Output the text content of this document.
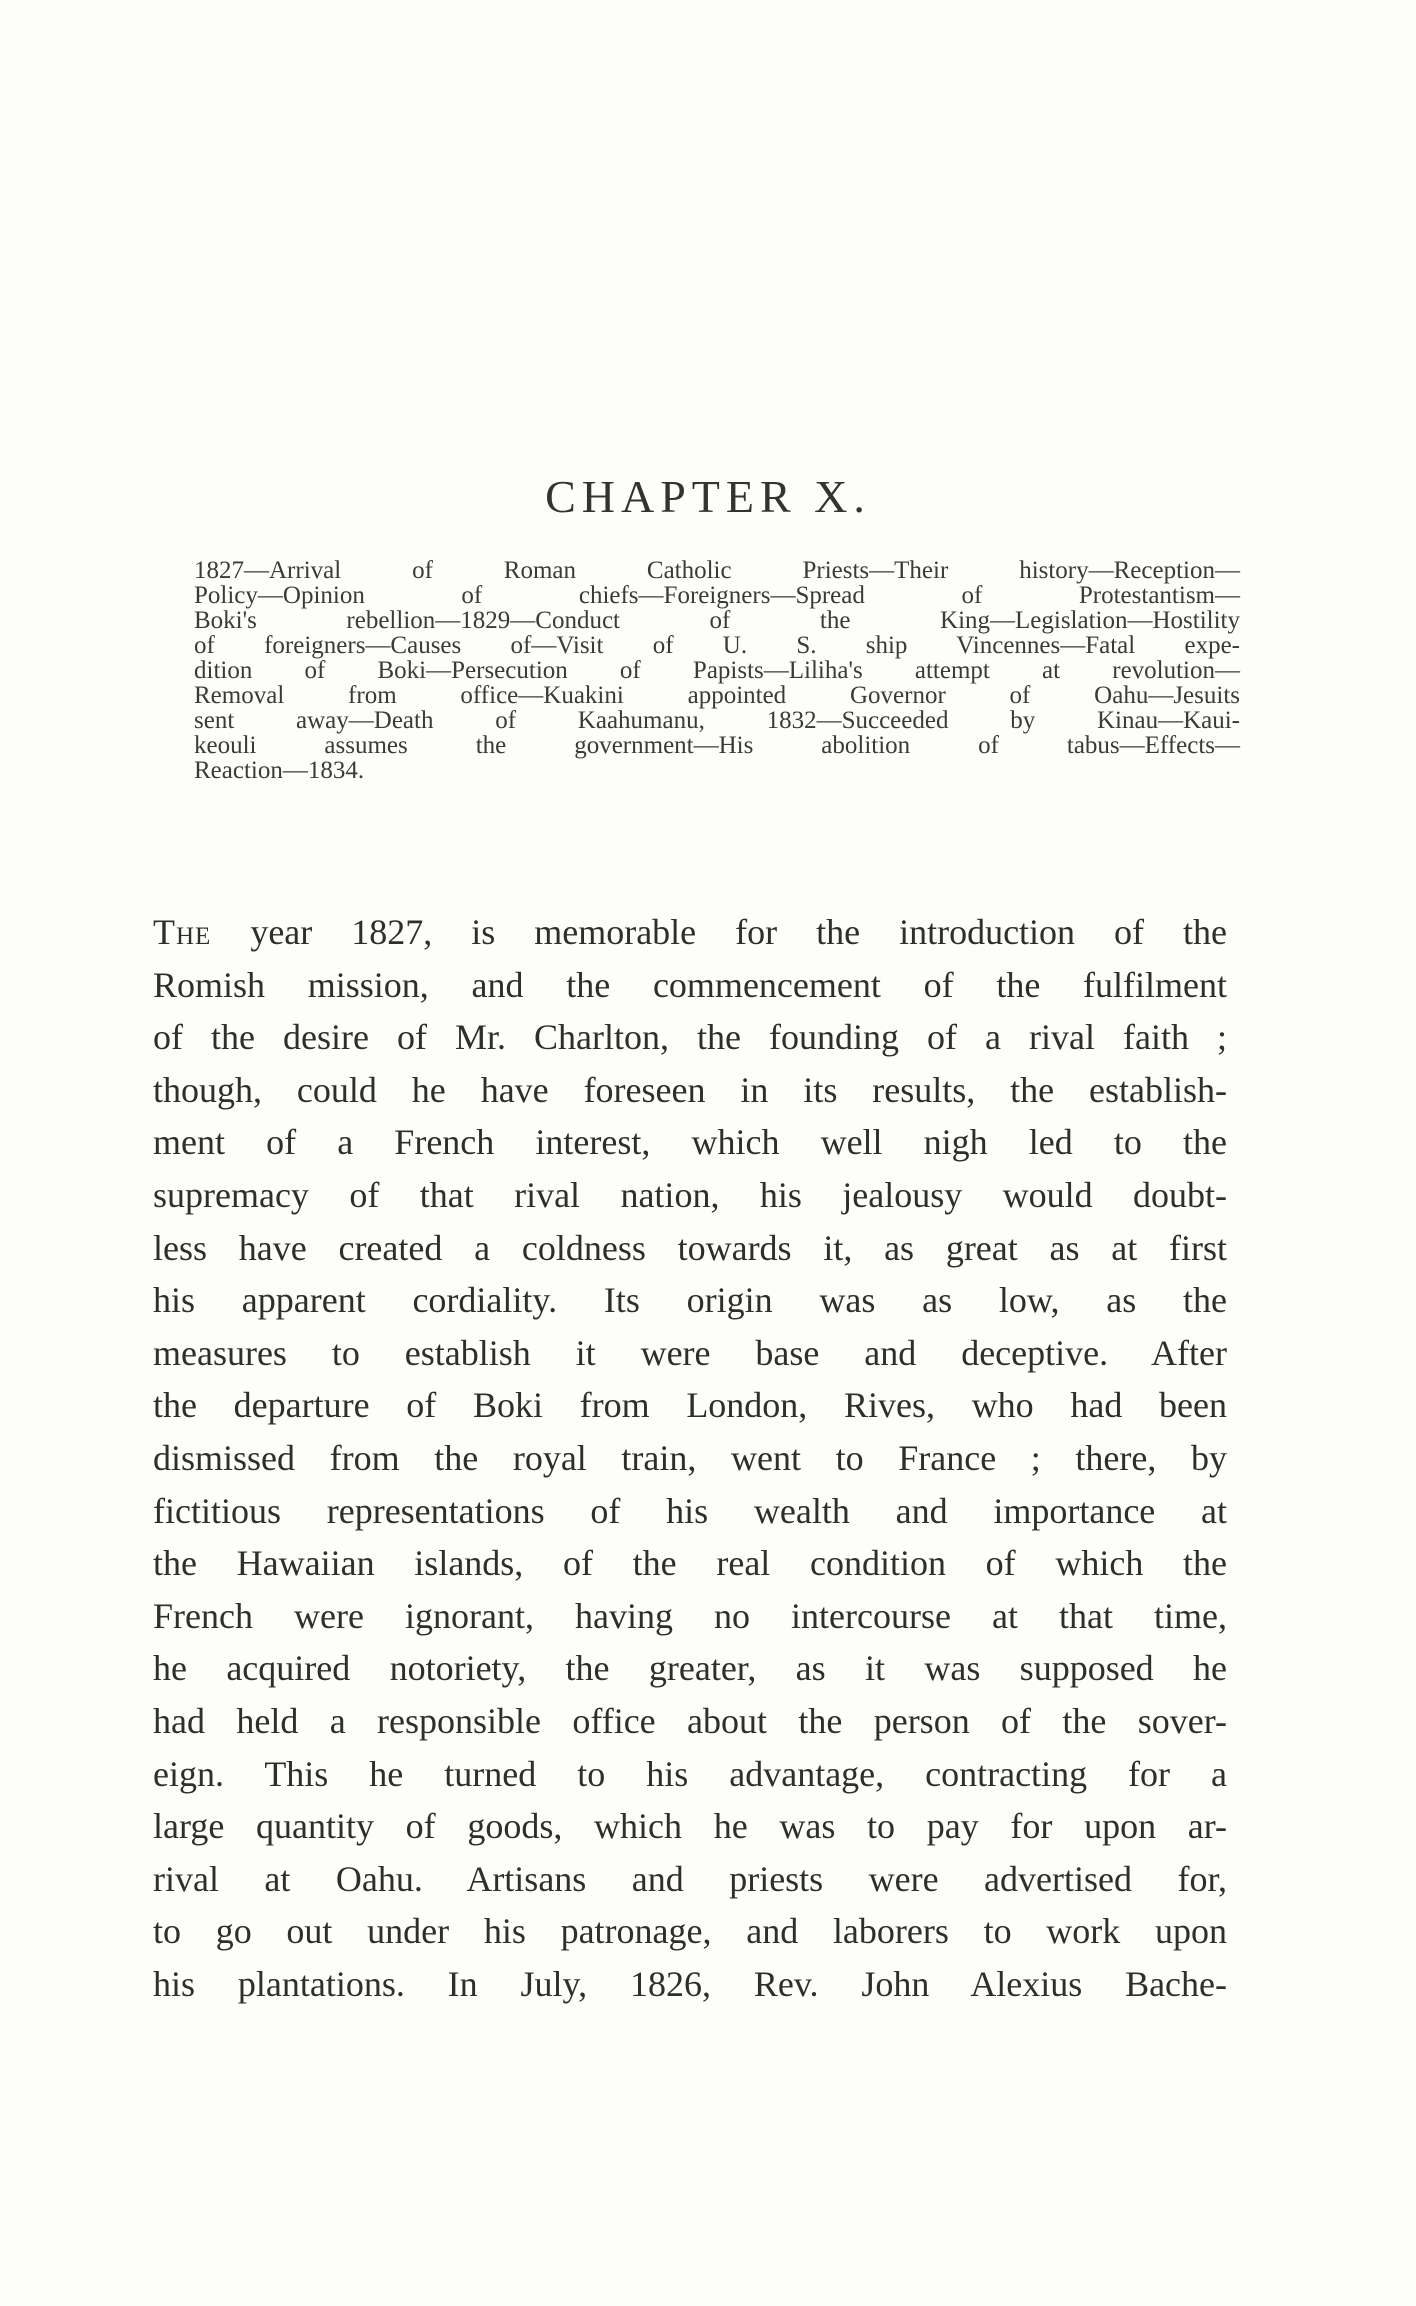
CHAPTER X.
1827—Arrival of Roman Catholic Priests—Their history—Reception—
Policy—Opinion of chiefs—Foreigners—Spread of Protestantism—
Boki's rebellion—1829—Conduct of the King—Legislation—Hostility
of foreigners—Causes of—Visit of U. S. ship Vincennes—Fatal expe-
dition of Boki—Persecution of Papists—Liliha's attempt at revolution—
Removal from office—Kuakini appointed Governor of Oahu—Jesuits
sent away—Death of Kaahumanu, 1832—Succeeded by Kinau—Kaui-
keouli assumes the government—His abolition of tabus—Effects—
Reaction—1834.
The year 1827, is memorable for the introduction of the
Romish mission, and the commencement of the fulfilment
of the desire of Mr. Charlton, the founding of a rival faith ;
though, could he have foreseen in its results, the establish-
ment of a French interest, which well nigh led to the
supremacy of that rival nation, his jealousy would doubt-
less have created a coldness towards it, as great as at first
his apparent cordiality. Its origin was as low, as the
measures to establish it were base and deceptive. After
the departure of Boki from London, Rives, who had been
dismissed from the royal train, went to France ; there, by
fictitious representations of his wealth and importance at
the Hawaiian islands, of the real condition of which the
French were ignorant, having no intercourse at that time,
he acquired notoriety, the greater, as it was supposed he
had held a responsible office about the person of the sover-
eign. This he turned to his advantage, contracting for a
large quantity of goods, which he was to pay for upon ar-
rival at Oahu. Artisans and priests were advertised for,
to go out under his patronage, and laborers to work upon
his plantations. In July, 1826, Rev. John Alexius Bache-
